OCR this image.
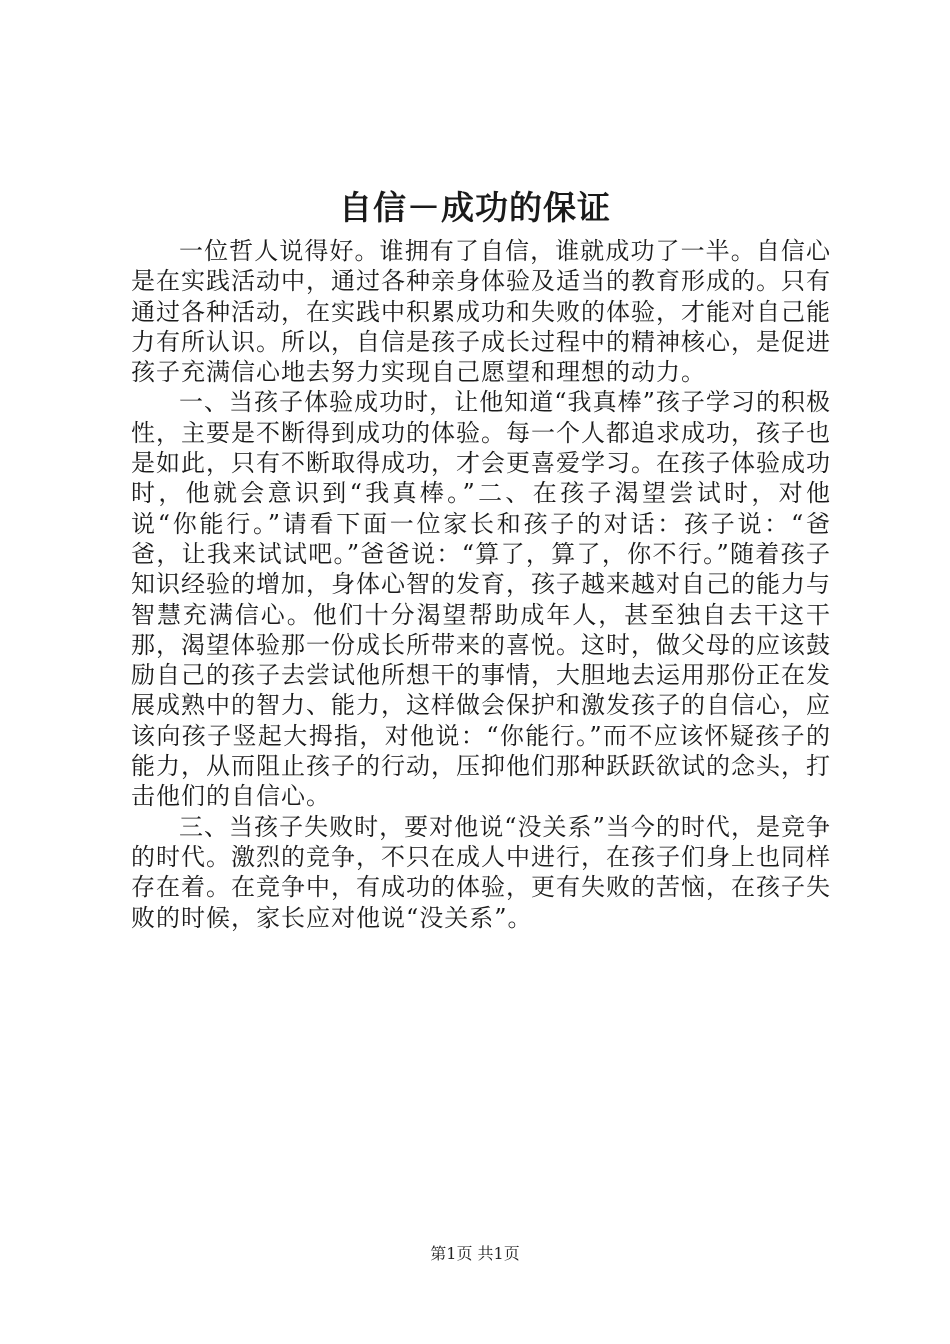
自信－成功的保证

一位哲人说得好。谁拥有了自信，谁就成功了一半。自信心是在实践活动中，通过各种亲身体验及适当的教育形成的。只有通过各种活动，在实践中积累成功和失败的体验，才能对自己能力有所认识。所以，自信是孩子成长过程中的精神核心，是促进孩子充满信心地去努力实现自己愿望和理想的动力。

一、当孩子体验成功时，让他知道“我真棒”孩子学习的积极性，主要是不断得到成功的体验。每一个人都追求成功，孩子也是如此，只有不断取得成功，才会更喜爱学习。在孩子体验成功时，他就会意识到“我真棒。”二、在孩子渴望尝试时，对他说“你能行。”请看下面一位家长和孩子的对话：孩子说：“爸爸，让我来试试吧。”爸爸说：“算了，算了，你不行。”随着孩子知识经验的增加，身体心智的发育，孩子越来越对自己的能力与智慧充满信心。他们十分渴望帮助成年人，甚至独自去干这干那，渴望体验那一份成长所带来的喜悦。这时，做父母的应该鼓励自己的孩子去尝试他所想干的事情，大胆地去运用那份正在发展成熟中的智力、能力，这样做会保护和激发孩子的自信心，应该向孩子竖起大拇指，对他说：“你能行。”而不应该怀疑孩子的能力，从而阻止孩子的行动，压抑他们那种跃跃欲试的念头，打击他们的自信心。

三、当孩子失败时，要对他说“没关系”当今的时代，是竞争的时代。激烈的竞争，不只在成人中进行，在孩子们身上也同样存在着。在竞争中，有成功的体验，更有失败的苦恼，在孩子失败的时候，家长应对他说“没关系”。

第1页 共1页
